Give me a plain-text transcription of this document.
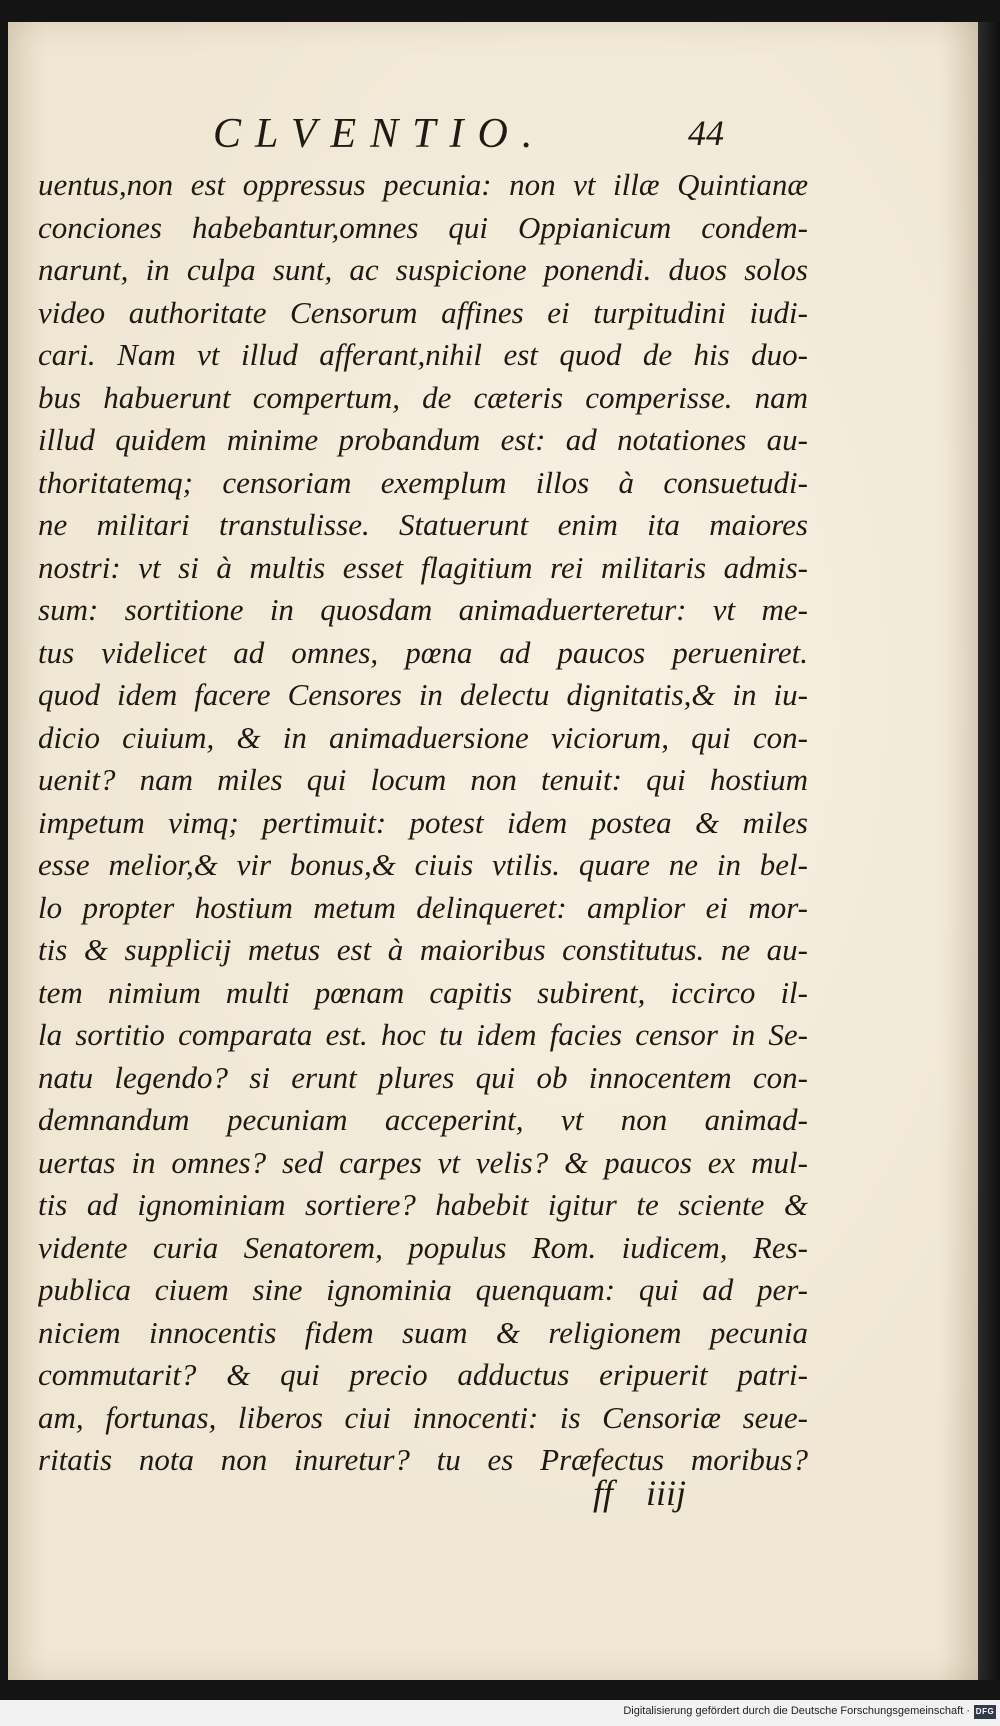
CLVENTIO.	44
uentus,non est oppressus pecunia: non vt illæ Quintianæ
conciones habebantur,omnes qui Oppianicum condem-
narunt, in culpa sunt, ac suspicione ponendi. duos solos
video authoritate Censorum affines ei turpitudini iudi-
cari. Nam vt illud afferant,nihil est quod de his duo-
bus habuerunt compertum, de cæteris comperisse. nam
illud quidem minime probandum est: ad notationes au-
thoritatemq; censoriam exemplum illos à consuetudi-
ne militari transtulisse. Statuerunt enim ita maiores
nostri: vt si à multis esset flagitium rei militaris admis-
sum: sortitione in quosdam animaduerteretur: vt me-
tus videlicet ad omnes, pœna ad paucos perueniret.
quod idem facere Censores in delectu dignitatis,& in iu-
dicio ciuium, & in animaduersione viciorum, qui con-
uenit? nam miles qui locum non tenuit: qui hostium
impetum vimq; pertimuit: potest idem postea & miles
esse melior,& vir bonus,& ciuis vtilis. quare ne in bel-
lo propter hostium metum delinqueret: amplior ei mor-
tis & supplicij metus est à maioribus constitutus. ne au-
tem nimium multi pœnam capitis subirent, iccirco il-
la sortitio comparata est. hoc tu idem facies censor in Se-
natu legendo? si erunt plures qui ob innocentem con-
demnandum pecuniam acceperint, vt non animad-
uertas in omnes? sed carpes vt velis? & paucos ex mul-
tis ad ignominiam sortiere? habebit igitur te sciente &
vidente curia Senatorem, populus Rom. iudicem, Res-
publica ciuem sine ignominia quenquam: qui ad per-
niciem innocentis fidem suam & religionem pecunia
commutarit? & qui precio adductus eripuerit patri-
am, fortunas, liberos ciui innocenti: is Censoriæ seue-
ritatis nota non inuretur? tu es Præfectus moribus?
ff iiij
Digitalisierung gefördert durch die Deutsche Forschungsgemeinschaft · DFG
